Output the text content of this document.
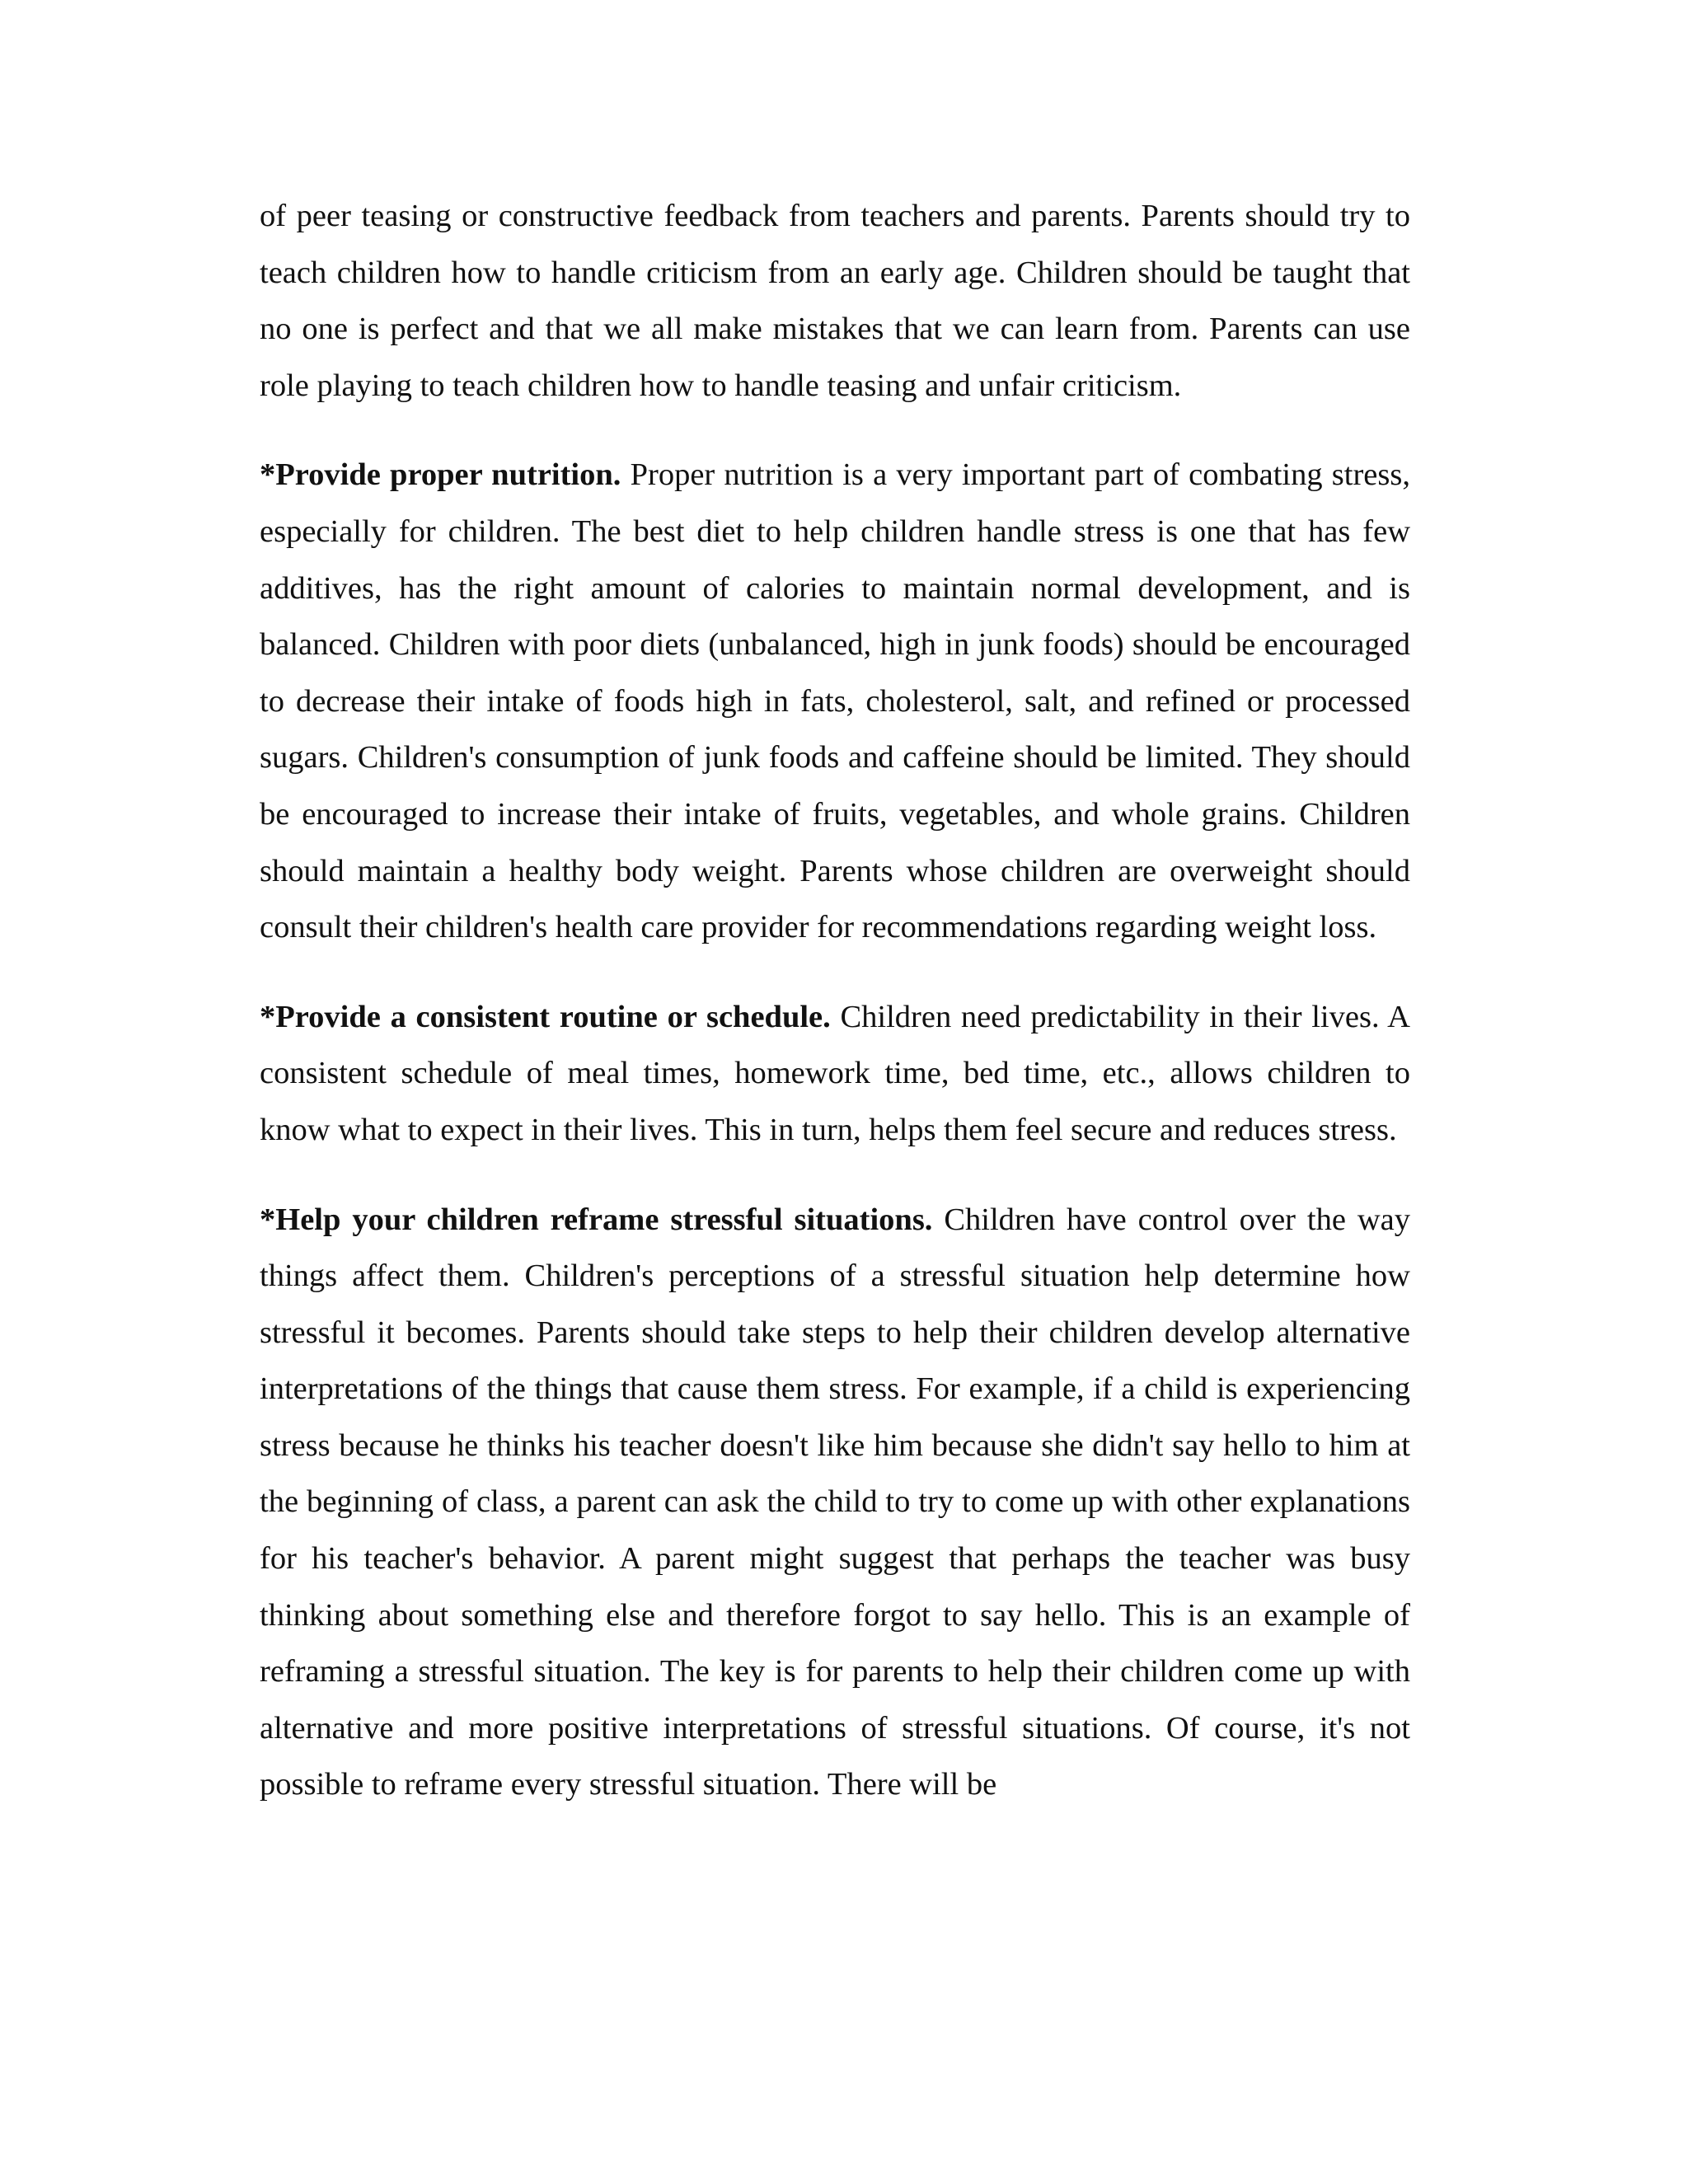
of peer teasing or constructive feedback from teachers and parents. Parents should try to teach children how to handle criticism from an early age. Children should be taught that no one is perfect and that we all make mistakes that we can learn from. Parents can use role playing to teach children how to handle teasing and unfair criticism.

*Provide proper nutrition. Proper nutrition is a very important part of combating stress, especially for children. The best diet to help children handle stress is one that has few additives, has the right amount of calories to maintain normal development, and is balanced. Children with poor diets (unbalanced, high in junk foods) should be encouraged to decrease their intake of foods high in fats, cholesterol, salt, and refined or processed sugars. Children's consumption of junk foods and caffeine should be limited. They should be encouraged to increase their intake of fruits, vegetables, and whole grains. Children should maintain a healthy body weight. Parents whose children are overweight should consult their children's health care provider for recommendations regarding weight loss.

*Provide a consistent routine or schedule. Children need predictability in their lives. A consistent schedule of meal times, homework time, bed time, etc., allows children to know what to expect in their lives. This in turn, helps them feel secure and reduces stress.

*Help your children reframe stressful situations. Children have control over the way things affect them. Children's perceptions of a stressful situation help determine how stressful it becomes. Parents should take steps to help their children develop alternative interpretations of the things that cause them stress. For example, if a child is experiencing stress because he thinks his teacher doesn't like him because she didn't say hello to him at the beginning of class, a parent can ask the child to try to come up with other explanations for his teacher's behavior. A parent might suggest that perhaps the teacher was busy thinking about something else and therefore forgot to say hello. This is an example of reframing a stressful situation. The key is for parents to help their children come up with alternative and more positive interpretations of stressful situations. Of course, it's not possible to reframe every stressful situation. There will be
